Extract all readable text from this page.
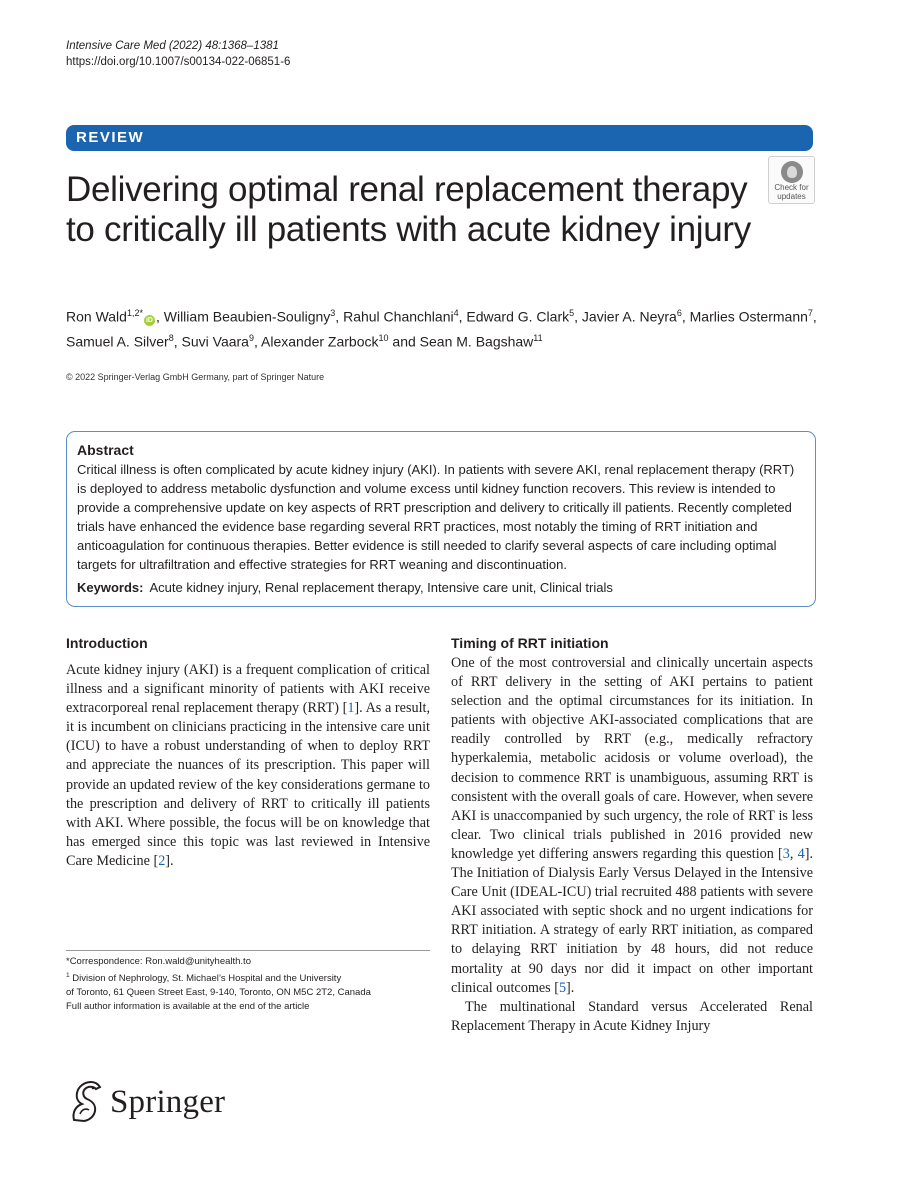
Intensive Care Med (2022) 48:1368–1381
https://doi.org/10.1007/s00134-022-06851-6
REVIEW
Check for
updates
Delivering optimal renal replacement therapy to critically ill patients with acute kidney injury
Ron Wald$^{1,2*}$iD , William Beaubien-Souligny$^3$, Rahul Chanchlani$^4$, Edward G. Clark$^5$, Javier A. Neyra$^6$, Marlies Ostermann$^7$, Samuel A. Silver$^8$, Suvi Vaara$^9$, Alexander Zarbock$^{10}$ and Sean M. Bagshaw$^{11}$
© 2022 Springer-Verlag GmbH Germany, part of Springer Nature
Abstract

Critical illness is often complicated by acute kidney injury (AKI). In patients with severe AKI, renal replacement therapy (RRT) is deployed to address metabolic dysfunction and volume excess until kidney function recovers. This review is intended to provide a comprehensive update on key aspects of RRT prescription and delivery to critically ill patients. Recently completed trials have enhanced the evidence base regarding several RRT practices, most notably the timing of RRT initiation and anticoagulation for continuous therapies. Better evidence is still needed to clarify several aspects of care including optimal targets for ultrafiltration and effective strategies for RRT weaning and discontinuation.

Keywords: Acute kidney injury, Renal replacement therapy, Intensive care unit, Clinical trials
Introduction

Acute kidney injury (AKI) is a frequent complication of critical illness and a significant minority of patients with AKI receive extracorporeal renal replacement therapy (RRT) [1]. As a result, it is incumbent on clinicians practicing in the intensive care unit (ICU) to have a robust understanding of when to deploy RRT and appreciate the nuances of its prescription. This paper will provide an updated review of the key considerations germane to the prescription and delivery of RRT to critically ill patients with AKI. Where possible, the focus will be on knowledge that has emerged since this topic was last reviewed in Intensive Care Medicine [2].

Timing of RRT initiation

One of the most controversial and clinically uncertain aspects of RRT delivery in the setting of AKI pertains to patient selection and the optimal circumstances for its initiation. In patients with objective AKI-associated complications that are readily controlled by RRT (e.g., medically refractory hyperkalemia, metabolic acidosis or volume overload), the decision to commence RRT is unambiguous, assuming RRT is consistent with the overall goals of care. However, when severe AKI is unaccompanied by such urgency, the role of RRT is less clear. Two clinical trials published in 2016 provided new knowledge yet differing answers regarding this question [3, 4]. The Initiation of Dialysis Early Versus Delayed in the Intensive Care Unit (IDEAL-ICU) trial recruited 488 patients with severe AKI associated with septic shock and no urgent indications for RRT initiation. A strategy of early RRT initiation, as compared to delaying RRT initiation by 48 hours, did not reduce mortality at 90 days nor did it impact on other important clinical outcomes [5].

The multinational Standard versus Accelerated Renal Replacement Therapy in Acute Kidney Injury

*Correspondence: Ron.wald@unityhealth.to
$^1$ Division of Nephrology, St. Michael’s Hospital and the University
of Toronto, 61 Queen Street East, 9-140, Toronto, ON M5C 2T2, Canada
Full author information is available at the end of the article
Springer
